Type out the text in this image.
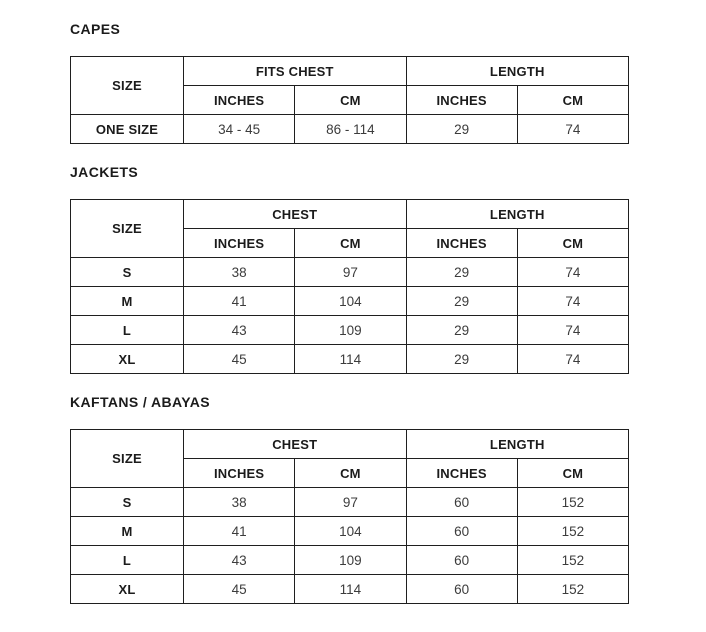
CAPES
SIZE	FITS CHEST		LENGTH	
	INCHES	CM	INCHES	CM
ONE SIZE	34 - 45	86 - 114	29	74
JACKETS
SIZE	CHEST		LENGTH	
	INCHES	CM	INCHES	CM
S	38	97	29	74
M	41	104	29	74
L	43	109	29	74
XL	45	114	29	74
KAFTANS / ABAYAS
SIZE	CHEST		LENGTH	
	INCHES	CM	INCHES	CM
S	38	97	60	152
M	41	104	60	152
L	43	109	60	152
XL	45	114	60	152
